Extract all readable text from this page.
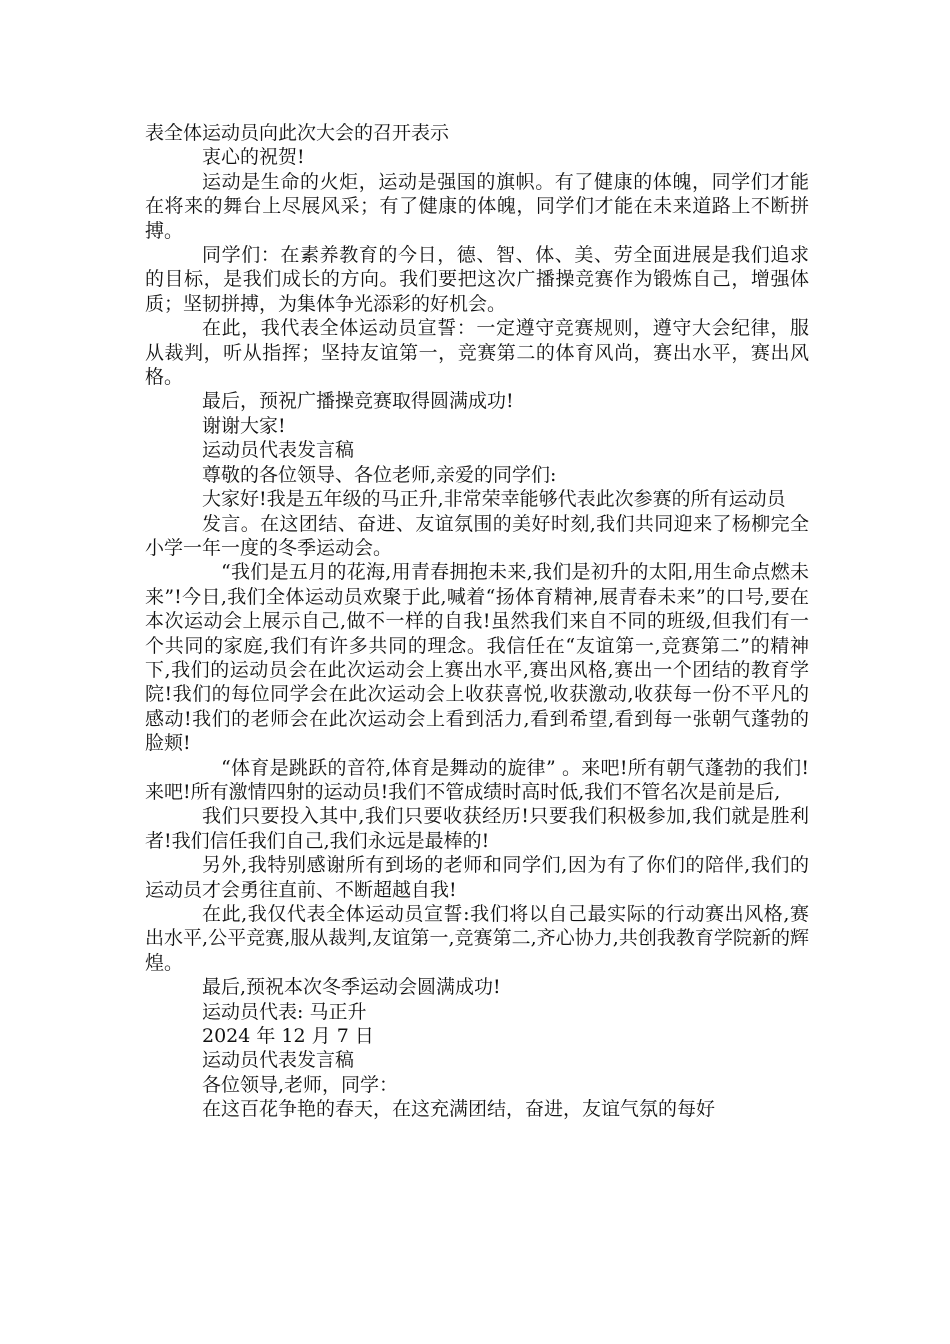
表全体运动员向此次大会的召开表示

衷心的祝贺!

运动是生命的火炬，运动是强国的旗帜。有了健康的体魄，同学们才能在将来的舞台上尽展风采；有了健康的体魄，同学们才能在未来道路上不断拼搏。

同学们：在素养教育的今日，德、智、体、美、劳全面进展是我们追求的目标，是我们成长的方向。我们要把这次广播操竞赛作为锻炼自己，增强体质；坚韧拼搏，为集体争光添彩的好机会。

在此，我代表全体运动员宣誓：一定遵守竞赛规则，遵守大会纪律，服从裁判，听从指挥；坚持友谊第一，竞赛第二的体育风尚，赛出水平，赛出风格。

最后，预祝广播操竞赛取得圆满成功!

谢谢大家!

运动员代表发言稿

尊敬的各位领导、各位老师,亲爱的同学们:

大家好!我是五年级的马正升,非常荣幸能够代表此次参赛的所有运动员

发言。在这团结、奋进、友谊氛围的美好时刻,我们共同迎来了杨柳完全小学一年一度的冬季运动会。

“我们是五月的花海,用青春拥抱未来,我们是初升的太阳,用生命点燃未来”!今日,我们全体运动员欢聚于此,喊着“扬体育精神,展青春未来”的口号,要在本次运动会上展示自己,做不一样的自我!虽然我们来自不同的班级,但我们有一个共同的家庭,我们有许多共同的理念。我信任在“友谊第一,竞赛第二”的精神下,我们的运动员会在此次运动会上赛出水平,赛出风格,赛出一个团结的教育学院!我们的每位同学会在此次运动会上收获喜悦,收获激动,收获每一份不平凡的感动!我们的老师会在此次运动会上看到活力,看到希望,看到每一张朝气蓬勃的脸颊!

“体育是跳跃的音符,体育是舞动的旋律” 。来吧!所有朝气蓬勃的我们!来吧!所有激情四射的运动员!我们不管成绩时高时低,我们不管名次是前是后,

我们只要投入其中,我们只要收获经历!只要我们积极参加,我们就是胜利者!我们信任我们自己,我们永远是最棒的!

另外,我特别感谢所有到场的老师和同学们,因为有了你们的陪伴,我们的运动员才会勇往直前、不断超越自我!

在此,我仅代表全体运动员宣誓:我们将以自己最实际的行动赛出风格,赛出水平,公平竞赛,服从裁判,友谊第一,竞赛第二,齐心协力,共创我教育学院新的辉煌。

最后,预祝本次冬季运动会圆满成功!

运动员代表: 马正升

2024 年 12 月 7 日

运动员代表发言稿

各位领导,老师，同学：

在这百花争艳的春天，在这充满团结，奋进，友谊气氛的每好
